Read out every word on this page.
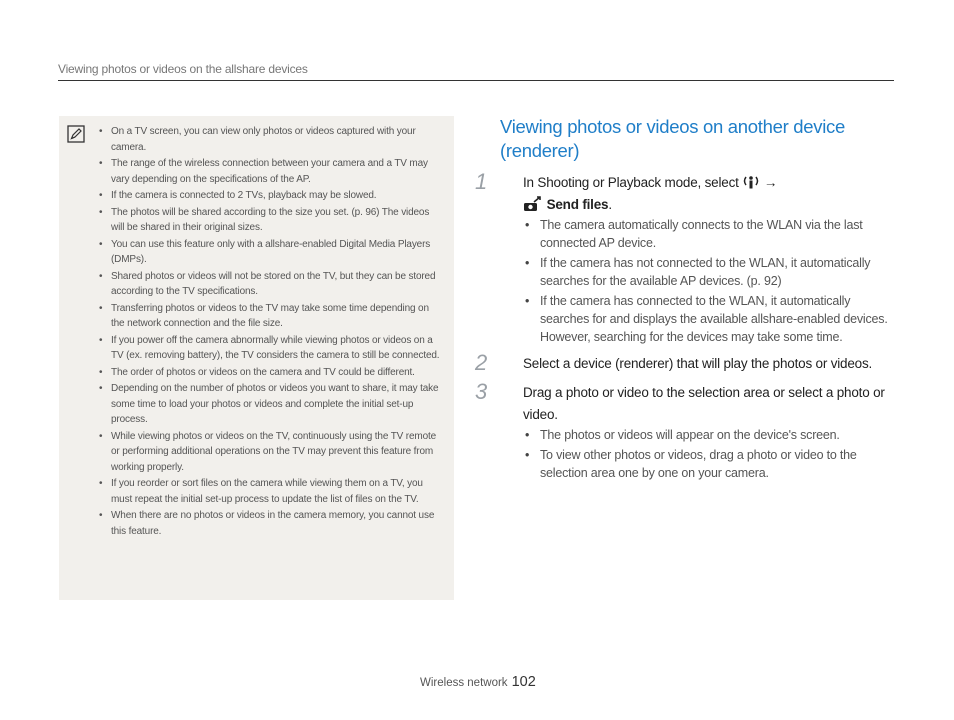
Viewing photos or videos on the allshare devices
• On a TV screen, you can view only photos or videos captured with your camera.
• The range of the wireless connection between your camera and a TV may vary depending on the specifications of the AP.
• If the camera is connected to 2 TVs, playback may be slowed.
• The photos will be shared according to the size you set. (p. 96) The videos will be shared in their original sizes.
• You can use this feature only with a allshare-enabled Digital Media Players (DMPs).
• Shared photos or videos will not be stored on the TV, but they can be stored according to the TV specifications.
• Transferring photos or videos to the TV may take some time depending on the network connection and the file size.
• If you power off the camera abnormally while viewing photos or videos on a TV (ex. removing battery), the TV considers the camera to still be connected.
• The order of photos or videos on the camera and TV could be different.
• Depending on the number of photos or videos you want to share, it may take some time to load your photos or videos and complete the initial set-up process.
• While viewing photos or videos on the TV, continuously using the TV remote or performing additional operations on the TV may prevent this feature from working properly.
• If you reorder or sort files on the camera while viewing them on a TV, you must repeat the initial set-up process to update the list of files on the TV.
• When there are no photos or videos in the camera memory, you cannot use this feature.
Viewing photos or videos on another device (renderer)
1	In Shooting or Playback mode, select →
Send files.
• The camera automatically connects to the WLAN via the last connected AP device.
• If the camera has not connected to the WLAN, it automatically searches for the available AP devices. (p. 92)
• If the camera has connected to the WLAN, it automatically searches for and displays the available allshare-enabled devices. However, searching for the devices may take some time.
2	Select a device (renderer) that will play the photos or videos.
3	Drag a photo or video to the selection area or select a photo or video.
• The photos or videos will appear on the device's screen.
• To view other photos or videos, drag a photo or video to the selection area one by one on your camera.
Wireless network 102
